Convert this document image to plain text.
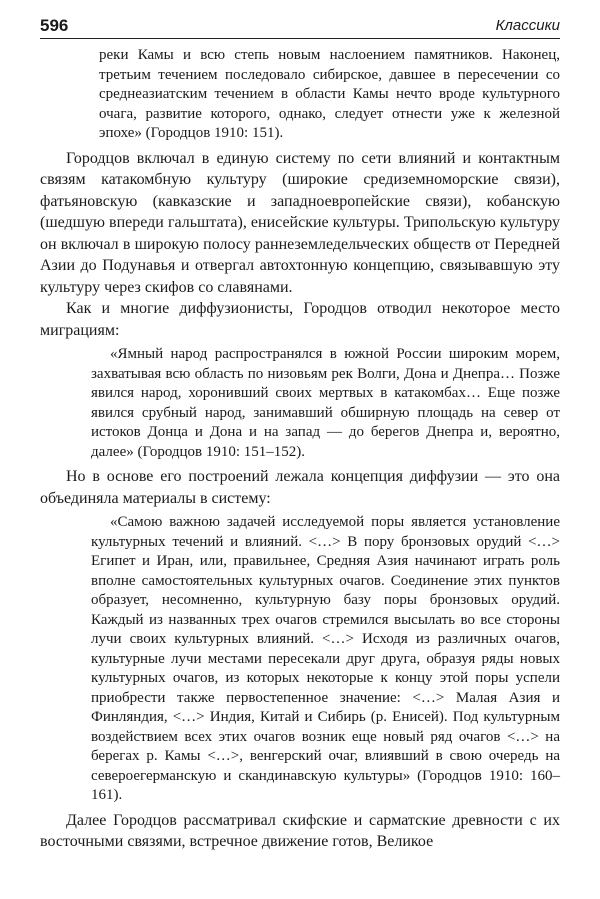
596	Классики

реки Камы и всю степь новым наслоением памятников. Наконец, третьим течением последовало сибирское, давшее в пересечении со среднеазиатским течением в области Камы нечто вроде культурного очага, развитие которого, однако, следует отнести уже к железной эпохе» (Городцов 1910: 151).

Городцов включал в единую систему по сети влияний и контактным связям катакомбную культуру (широкие средиземноморские связи), фатьяновскую (кавказские и западноевропейские связи), кобанскую (шедшую впереди гальштата), енисейские культуры. Трипольскую культуру он включал в широкую полосу раннеземледельческих обществ от Передней Азии до Подунавья и отвергал автохтонную концепцию, связывавшую эту культуру через скифов со славянами.

Как и многие диффузионисты, Городцов отводил некоторое место миграциям:

«Ямный народ распространялся в южной России широким морем, захватывая всю область по низовьям рек Волги, Дона и Днепра… Позже явился народ, хоронивший своих мертвых в катакомбах… Еще позже явился срубный народ, занимавший обширную площадь на север от истоков Донца и Дона и на запад — до берегов Днепра и, вероятно, далее» (Городцов 1910: 151–152).

Но в основе его построений лежала концепция диффузии — это она объединяла материалы в систему:

«Самою важною задачей исследуемой поры является установление культурных течений и влияний. <…> В пору бронзовых орудий <…> Египет и Иран, или, правильнее, Средняя Азия начинают играть роль вполне самостоятельных культурных очагов. Соединение этих пунктов образует, несомненно, культурную базу поры бронзовых орудий. Каждый из названных трех очагов стремился высылать во все стороны лучи своих культурных влияний. <…> Исходя из различных очагов, культурные лучи местами пересекали друг друга, образуя ряды новых культурных очагов, из которых некоторые к концу этой поры успели приобрести также первостепенное значение: <…> Малая Азия и Финляндия, <…> Индия, Китай и Сибирь (р. Енисей). Под культурным воздействием всех этих очагов возник еще новый ряд очагов <…> на берегах р. Камы <…>, венгерский очаг, влиявший в свою очередь на североегерманскую и скандинавскую культуры» (Городцов 1910: 160–161).

Далее Городцов рассматривал скифские и сарматские древности с их восточными связями, встречное движение готов, Великое
